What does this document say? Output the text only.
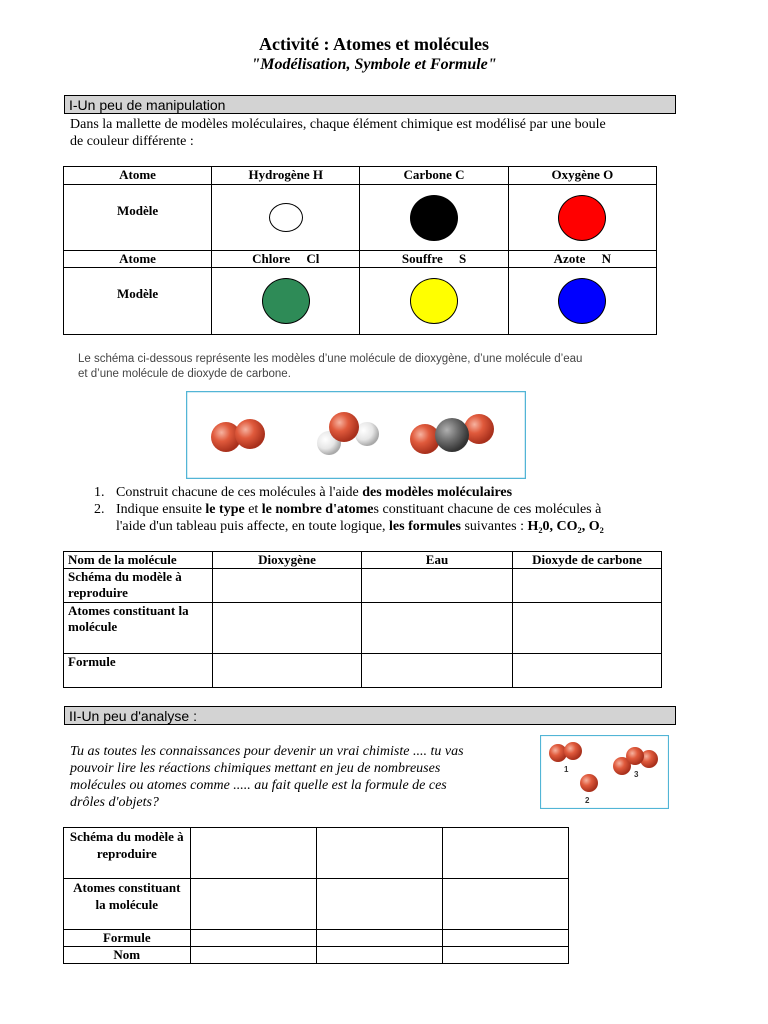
Activité : Atomes et molécules
"Modélisation, Symbole et Formule"
I-Un peu de manipulation
Dans la mallette de modèles moléculaires, chaque élément chimique est modélisé par une boule
de couleur différente :
Atome	Hydrogène H	Carbone C	Oxygène O
Modèle	

Atome	Chlore     Cl	Souffre     S	Azote     N
Modèle	

Le schéma ci-dessous représente les modèles d’une molécule de dioxygène, d’une molécule d’eau
et d’une molécule de dioxyde de carbone.
1. Construit chacune de ces molécules à l'aide des modèles moléculaires
2. Indique ensuite le type et le nombre d'atomes constituant chacune de ces molécules à
l'aide d'un tableau puis affecte, en toute logique, les formules suivantes : H₂0, CO₂, O₂
Nom de la molécule	Dioxygène	Eau	Dioxyde de carbone
Schéma du modèle à reproduire			
Atomes constituant la molécule			
Formule			
II-Un peu d'analyse :
Tu as toutes les connaissances pour devenir un vrai chimiste .... tu vas
pouvoir lire les réactions chimiques mettant en jeu de nombreuses
molécules ou atomes comme ..... au fait quelle est la formule de ces
drôles d'objets?
1
2
3
Schéma du modèle à reproduire			
Atomes constituant la molécule			
Formule			
Nom			
